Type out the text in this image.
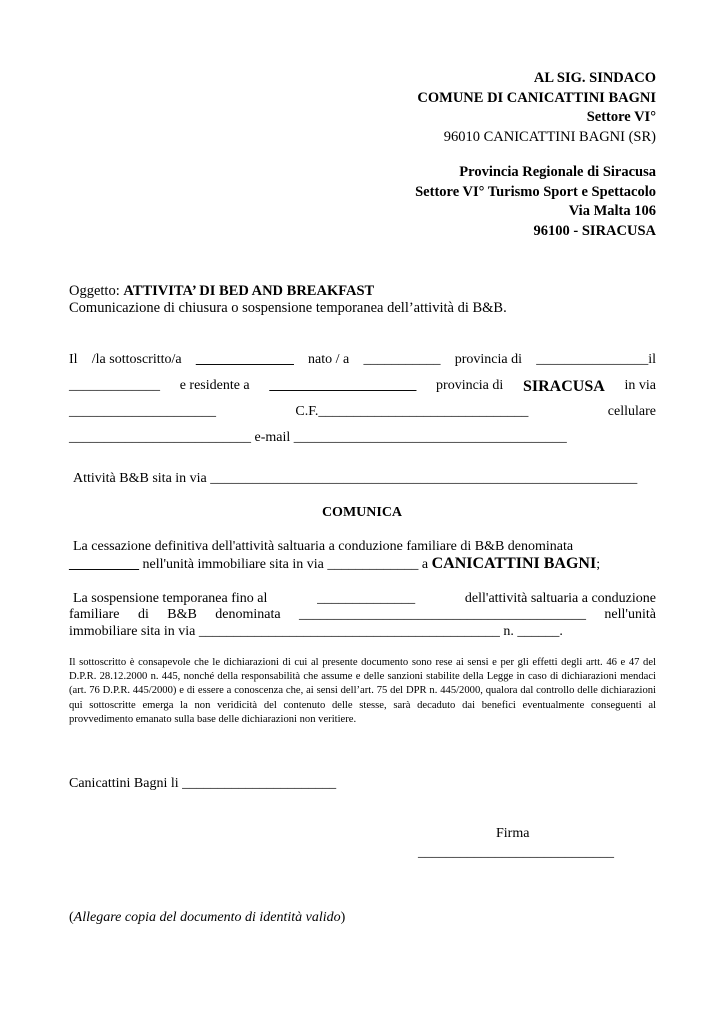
AL SIG. SINDACO
COMUNE DI CANICATTINI BAGNI
Settore VI°
96010 CANICATTINI BAGNI (SR)
Provincia Regionale di Siracusa
Settore VI° Turismo Sport e Spettacolo
Via Malta 106
96100 - SIRACUSA
Oggetto: ATTIVITA’ DI BED AND BREAKFAST
Comunicazione di chiusura o sospensione temporanea dell’attività di B&B.
Il /la sottoscritto/a ______________ nato / a ___________ provincia di ________________il
_____________ e residente a _____________________ provincia di SIRACUSA in via
_____________________	C.F.______________________________	cellulare
__________________________ e-mail _______________________________________
Attività B&B sita in via _____________________________________________________________
COMUNICA
La cessazione definitiva dell'attività saltuaria a conduzione familiare di B&B denominata
__________ nell'unità immobiliare sita in via _____________ a CANICATTINI BAGNI;
La sospensione temporanea fino al	______________	dell'attività saltuaria a conduzione
familiare di B&B denominata _________________________________________ nell'unità
immobiliare sita in via ___________________________________________ n. ______.
Il sottoscritto è consapevole che le dichiarazioni di cui al presente documento sono rese ai sensi e per gli effetti degli artt. 46 e 47 del D.P.R. 28.12.2000 n. 445, nonché della responsabilità che assume e delle sanzioni stabilite della Legge in caso di dichiarazioni mendaci (art. 76 D.P.R. 445/2000) e di essere a conoscenza che, ai sensi dell’art. 75 del DPR n. 445/2000, qualora dal controllo delle dichiarazioni qui sottoscritte emerga la non veridicità del contenuto delle stesse, sarà decaduto dai benefici eventualmente conseguenti al provvedimento emanato sulla base delle dichiarazioni non veritiere.
Canicattini Bagni li ______________________
Firma
____________________________
(Allegare copia del documento di identità valido)
